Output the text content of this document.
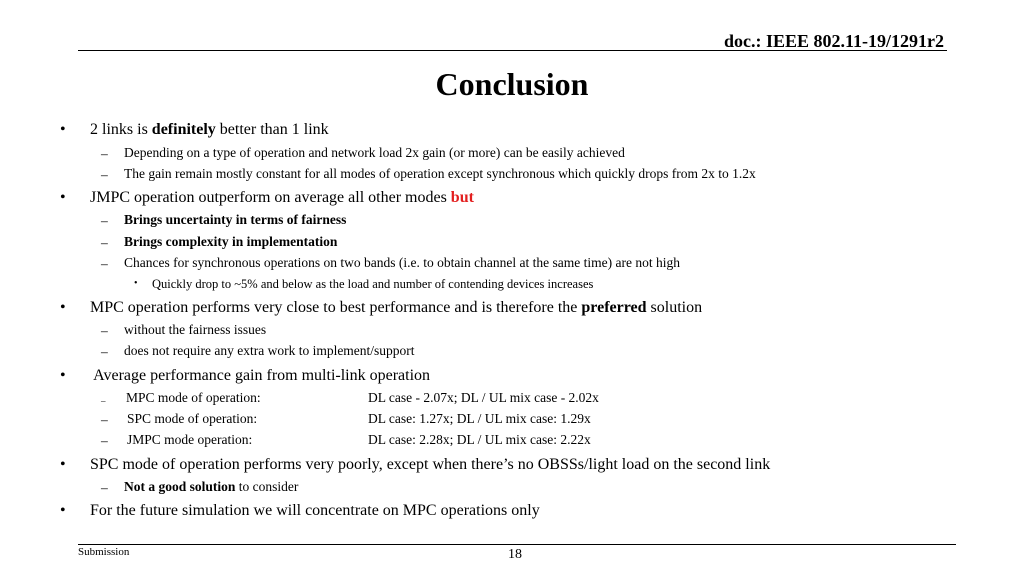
doc.: IEEE 802.11-19/1291r2
Conclusion
• 2 links is definitely better than 1 link
– Depending on a type of operation and network load 2x gain (or more) can be easily achieved
– The gain remain mostly constant for all modes of operation except synchronous which quickly drops from 2x to 1.2x
• JMPC operation outperform on average all other modes but
– Brings uncertainty in terms of fairness
– Brings complexity in implementation
– Chances for synchronous operations on two bands (i.e. to obtain channel at the same time) are not high
• Quickly drop to ~5% and below as the load and number of contending devices increases
• MPC operation performs very close to best performance and is therefore the preferred solution
– without the fairness issues
– does not require any extra work to implement/support
• Average performance gain from multi-link operation
– MPC mode of operation:	DL case - 2.07x; DL / UL mix case - 2.02x
– SPC mode of operation:	DL case: 1.27x; DL / UL mix case: 1.29x
– JMPC mode operation:	DL case: 2.28x; DL / UL mix case: 2.22x
• SPC mode of operation performs very poorly, except when there’s no OBSSs/light load on the second link
– Not a good solution to consider
• For the future simulation we will concentrate on MPC operations only
Submission	18
